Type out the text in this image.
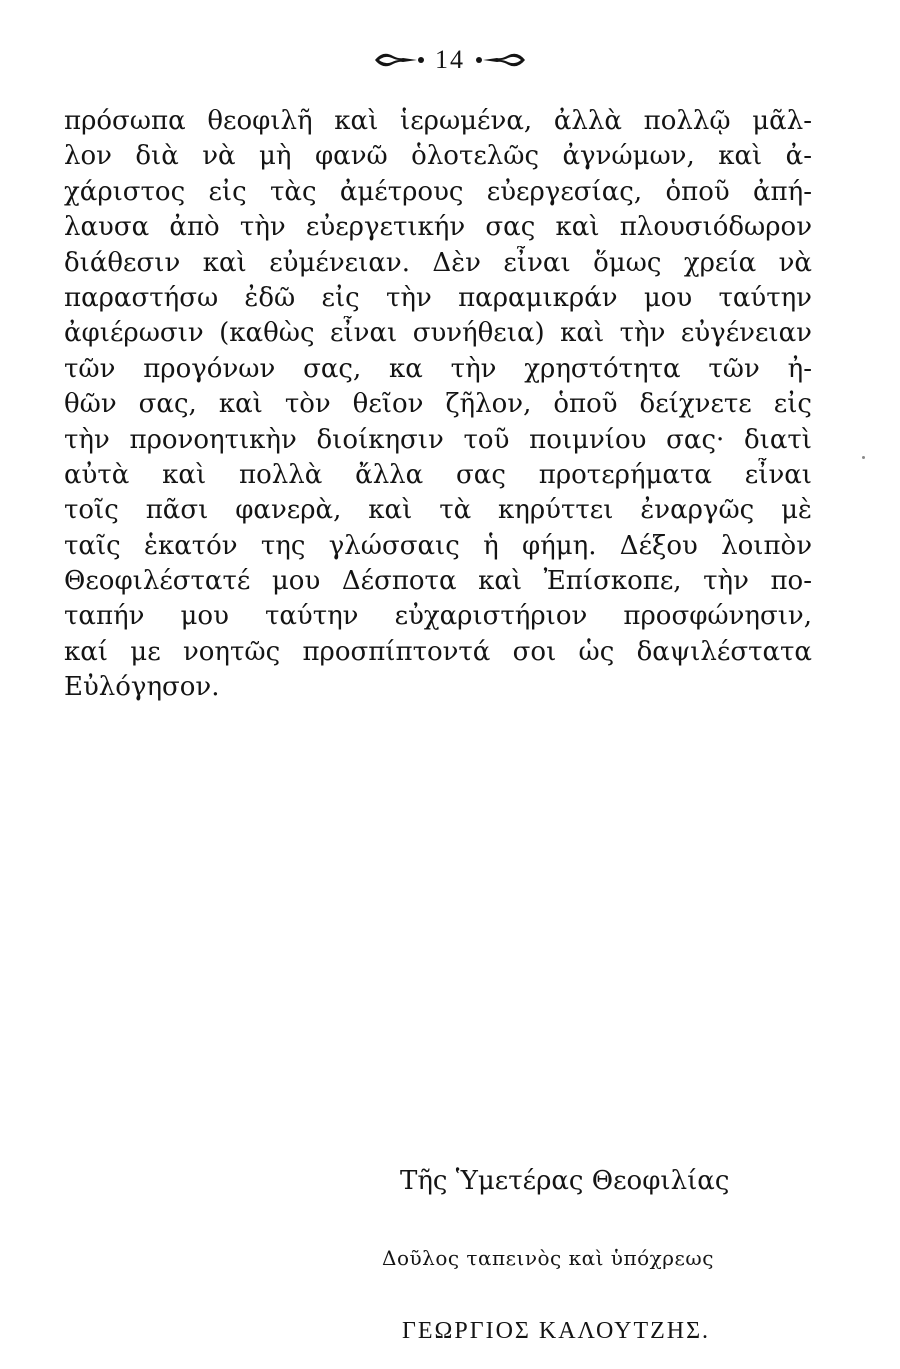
14
πρόσωπα θεοφιλῆ καὶ ἱερωμένα, ἀλλὰ πολλῷ μᾶλ-
λον διὰ νὰ μὴ φανῶ ὁλοτελῶς ἀγνώμων, καὶ ἀ-
χάριστος εἰς τὰς ἀμέτρους εὐεργεσίας, ὁποῦ ἀπή-
λαυσα ἀπὸ τὴν εὐεργετικήν σας καὶ πλουσιόδωρον
διάθεσιν καὶ εὐμένειαν. Δὲν εἶναι ὅμως χρεία νὰ
παραστήσω ἐδῶ εἰς τὴν παραμικράν μου ταύτην
ἀφιέρωσιν (καθὼς εἶναι συνήθεια) καὶ τὴν εὐγένειαν
τῶν προγόνων σας, κα τὴν χρηστότητα τῶν ἠ-
θῶν σας, καὶ τὸν θεῖον ζῆλον, ὁποῦ δείχνετε εἰς
τὴν προνοητικὴν διοίκησιν τοῦ ποιμνίου σας· διατὶ
αὐτὰ καὶ πολλὰ ἄλλα σας προτερήματα εἶναι
τοῖς πᾶσι φανερὰ, καὶ τὰ κηρύττει ἐναργῶς μὲ
ταῖς ἑκατόν της γλώσσαις ἡ φήμη. Δέξου λοιπὸν
Θεοφιλέστατέ μου Δέσποτα καὶ Ἐπίσκοπε, τὴν πο-
ταπήν μου ταύτην εὐχαριστήριον προσφώνησιν,
καί με νοητῶς προσπίπτοντά σοι ὡς δαψιλέστατα
Εὐλόγησον.

Τῆς Ὑμετέρας Θεοφιλίας

Δοῦλος ταπεινὸς καὶ ὑπόχρεως

ΓΕΩΡΓΙΟΣ ΚΑΛΟΥΤΖΗΣ.
